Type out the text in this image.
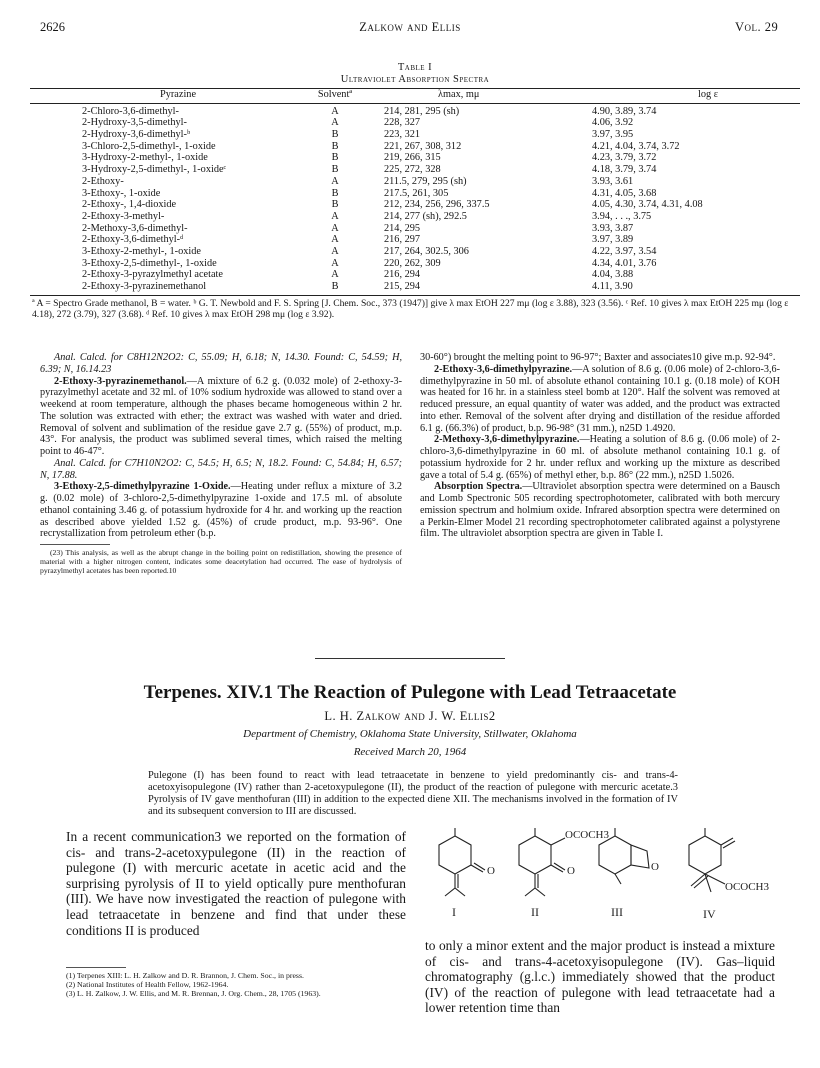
2626	Zalkow and Ellis	Vol. 29
Table I
Ultraviolet Absorption Spectra
Pyrazine	Solventª	λmax, mμ	log ε
2-Chloro-3,6-dimethyl-	A	214, 281, 295 (sh)	4.90, 3.89, 3.74
2-Hydroxy-3,5-dimethyl-	A	228, 327	4.06, 3.92
2-Hydroxy-3,6-dimethyl-ᵇ	B	223, 321	3.97, 3.95
3-Chloro-2,5-dimethyl-, 1-oxide	B	221, 267, 308, 312	4.21, 4.04, 3.74, 3.72
3-Hydroxy-2-methyl-, 1-oxide	B	219, 266, 315	4.23, 3.79, 3.72
3-Hydroxy-2,5-dimethyl-, 1-oxideᶜ	B	225, 272, 328	4.18, 3.79, 3.74
2-Ethoxy-	A	211.5, 279, 295 (sh)	3.93, 3.61
3-Ethoxy-, 1-oxide	B	217.5, 261, 305	4.31, 4.05, 3.68
2-Ethoxy-, 1,4-dioxide	B	212, 234, 256, 296, 337.5	4.05, 4.30, 3.74, 4.31, 4.08
2-Ethoxy-3-methyl-	A	214, 277 (sh), 292.5	3.94, . . ., 3.75
2-Methoxy-3,6-dimethyl-	A	214, 295	3.93, 3.87
2-Ethoxy-3,6-dimethyl-ᵈ	A	216, 297	3.97, 3.89
3-Ethoxy-2-methyl-, 1-oxide	A	217, 264, 302.5, 306	4.22, 3.97, 3.54
3-Ethoxy-2,5-dimethyl-, 1-oxide	A	220, 262, 309	4.34, 4.01, 3.76
2-Ethoxy-3-pyrazylmethyl acetate	A	216, 294	4.04, 3.88
2-Ethoxy-3-pyrazinemethanol	B	215, 294	4.11, 3.90
ª A = Spectro Grade methanol, B = water. ᵇ G. T. Newbold and F. S. Spring [J. Chem. Soc., 373 (1947)] give λ max EtOH 227 mμ (log ε 3.88), 323 (3.56). ᶜ Ref. 10 gives λ max EtOH 225 mμ (log ε 4.18), 272 (3.79), 327 (3.68). ᵈ Ref. 10 gives λ max EtOH 298 mμ (log ε 3.92).

Anal. Calcd. for C8H12N2O2: C, 55.09; H, 6.18; N, 14.30. Found: C, 54.59; H, 6.39; N, 16.14.23

2-Ethoxy-3-pyrazinemethanol.—A mixture of 6.2 g. (0.032 mole) of 2-ethoxy-3-pyrazylmethyl acetate and 32 ml. of 10% sodium hydroxide was allowed to stand over a weekend at room temperature, although the phases became homogeneous within 2 hr. The solution was extracted with ether; the extract was washed with water and dried. Removal of solvent and sublimation of the residue gave 2.7 g. (55%) of product, m.p. 43°. For analysis, the product was sublimed several times, which raised the melting point to 46-47°.

Anal. Calcd. for C7H10N2O2: C, 54.5; H, 6.5; N, 18.2. Found: C, 54.84; H, 6.57; N, 17.88.

3-Ethoxy-2,5-dimethylpyrazine 1-Oxide.—Heating under reflux a mixture of 3.2 g. (0.02 mole) of 3-chloro-2,5-dimethylpyrazine 1-oxide and 17.5 ml. of absolute ethanol containing 3.46 g. of potassium hydroxide for 4 hr. and working up the reaction as described above yielded 1.52 g. (45%) of crude product, m.p. 93-96°. One recrystallization from petroleum ether (b.p.

(23) This analysis, as well as the abrupt change in the boiling point on redistillation, showing the presence of material with a higher nitrogen content, indicates some deacetylation had occurred. The ease of hydrolysis of pyrazylmethyl acetates has been reported.10

30-60°) brought the melting point to 96-97°; Baxter and associates10 give m.p. 92-94°.

2-Ethoxy-3,6-dimethylpyrazine.—A solution of 8.6 g. (0.06 mole) of 2-chloro-3,6-dimethylpyrazine in 50 ml. of absolute ethanol containing 10.1 g. (0.18 mole) of KOH was heated for 16 hr. in a stainless steel bomb at 120°. Half the solvent was removed at reduced pressure, an equal quantity of water was added, and the product was extracted into ether. Removal of the solvent after drying and distillation of the residue afforded 6.1 g. (66.3%) of product, b.p. 96-98° (31 mm.), n25D 1.4920.

2-Methoxy-3,6-dimethylpyrazine.—Heating a solution of 8.6 g. (0.06 mole) of 2-chloro-3,6-dimethylpyrazine in 60 ml. of absolute methanol containing 10.1 g. of potassium hydroxide for 2 hr. under reflux and working up the mixture as described gave a total of 5.4 g. (65%) of methyl ether, b.p. 86° (22 mm.), n25D 1.5026.

Absorption Spectra.—Ultraviolet absorption spectra were determined on a Bausch and Lomb Spectronic 505 recording spectrophotometer, calibrated with both mercury emission spectrum and holmium oxide. Infrared absorption spectra were determined on a Perkin-Elmer Model 21 recording spectrophotometer calibrated against a polystyrene film. The ultraviolet absorption spectra are given in Table I.

Terpenes. XIV.1 The Reaction of Pulegone with Lead Tetraacetate
L. H. Zalkow and J. W. Ellis2
Department of Chemistry, Oklahoma State University, Stillwater, Oklahoma
Received March 20, 1964
Pulegone (I) has been found to react with lead tetraacetate in benzene to yield predominantly cis- and trans-4-acetoxyisopulegone (IV) rather than 2-acetoxypulegone (II), the product of the reaction of pulegone with mercuric acetate.3 Pyrolysis of IV gave menthofuran (III) in addition to the expected diene XII. The mechanisms involved in the formation of IV and its subsequent conversion to III are discussed.
In a recent communication3 we reported on the formation of cis- and trans-2-acetoxypulegone (II) in the reaction of pulegone (I) with mercuric acetate in acetic acid and the surprising pyrolysis of II to yield optically pure menthofuran (III). We have now investigated the reaction of pulegone with lead tetraacetate in benzene and find that under these conditions II is produced
(1) Terpenes XIII: L. H. Zalkow and D. R. Brannon, J. Chem. Soc., in press.
(2) National Institutes of Health Fellow, 1962-1964.
(3) L. H. Zalkow, J. W. Ellis, and M. R. Brennan, J. Org. Chem., 28, 1705 (1963).
O
OCOCH3
O	O
OCOCH3
I	II	III	IV
to only a minor extent and the major product is instead a mixture of cis- and trans-4-acetoxyisopulegone (IV). Gas–liquid chromatography (g.l.c.) immediately showed that the product (IV) of the reaction of pulegone with lead tetraacetate had a lower retention time than
